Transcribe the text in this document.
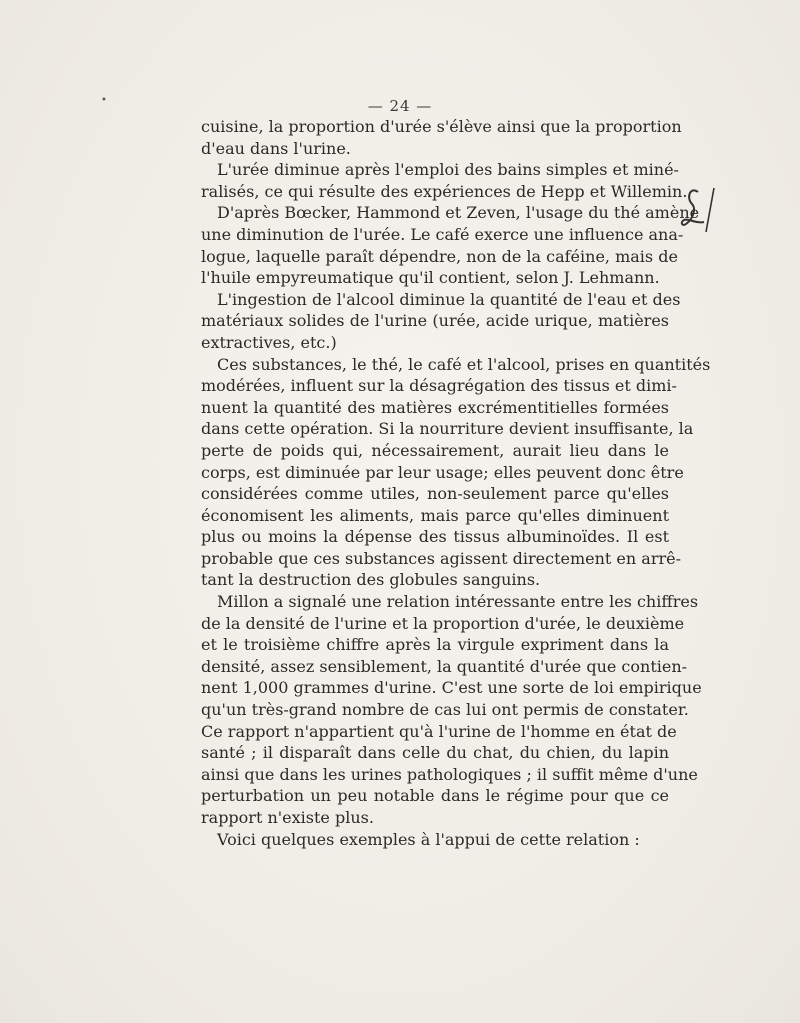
•	— 24 —
cuisine, la proportion d'urée s'élève ainsi que la proportion
d'eau dans l'urine.
L'urée diminue après l'emploi des bains simples et miné-
ralisés, ce qui résulte des expériences de Hepp et Willemin.
D'après Bœcker, Hammond et Zeven, l'usage du thé amène
une diminution de l'urée. Le café exerce une influence ana-
logue, laquelle paraît dépendre, non de la caféine, mais de
l'huile empyreumatique qu'il contient, selon J. Lehmann.
L'ingestion de l'alcool diminue la quantité de l'eau et des
matériaux solides de l'urine (urée, acide urique, matières
extractives, etc.)
Ces substances, le thé, le café et l'alcool, prises en quantités
modérées, influent sur la désagrégation des tissus et dimi-
nuent la quantité des matières excrémentitielles formées
dans cette opération. Si la nourriture devient insuffisante, la
perte de poids qui, nécessairement, aurait lieu dans le
corps, est diminuée par leur usage; elles peuvent donc être
considérées comme utiles, non-seulement parce qu'elles
économisent les aliments, mais parce qu'elles diminuent
plus ou moins la dépense des tissus albuminoïdes. Il est
probable que ces substances agissent directement en arrê-
tant la destruction des globules sanguins.
Millon a signalé une relation intéressante entre les chiffres
de la densité de l'urine et la proportion d'urée, le deuxième
et le troisième chiffre après la virgule expriment dans la
densité, assez sensiblement, la quantité d'urée que contien-
nent 1,000 grammes d'urine. C'est une sorte de loi empirique
qu'un très-grand nombre de cas lui ont permis de constater.
Ce rapport n'appartient qu'à l'urine de l'homme en état de
santé ; il disparaît dans celle du chat, du chien, du lapin
ainsi que dans les urines pathologiques ; il suffit même d'une
perturbation un peu notable dans le régime pour que ce
rapport n'existe plus.
Voici quelques exemples à l'appui de cette relation :
